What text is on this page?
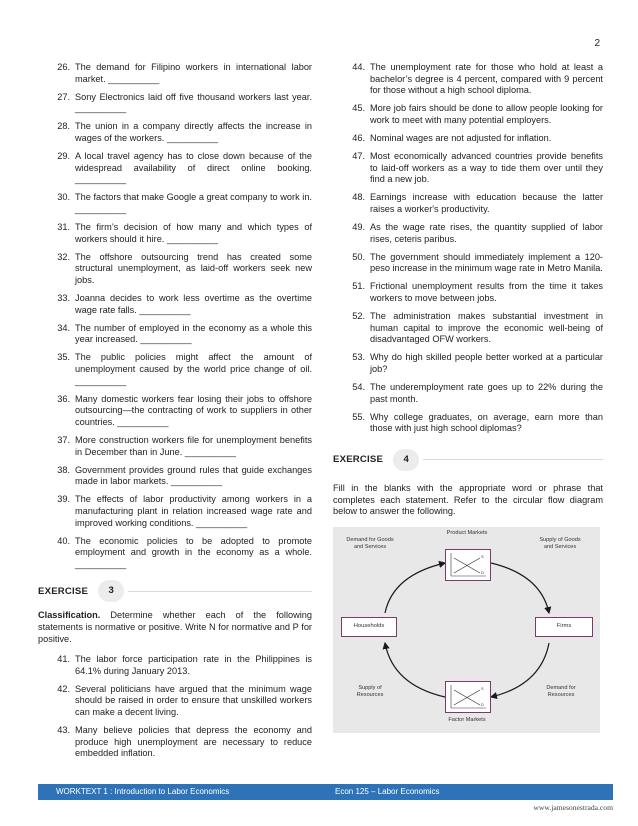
2
26. The demand for Filipino workers in international labor market. __________
27. Sony Electronics laid off five thousand workers last year. __________
28. The union in a company directly affects the increase in wages of the workers. __________
29. A local travel agency has to close down because of the widespread availability of direct online booking. __________
30. The factors that make Google a great company to work in. __________
31. The firm’s decision of how many and which types of workers should it hire. __________
32. The offshore outsourcing trend has created some structural unemployment, as laid-off workers seek new jobs.
33. Joanna decides to work less overtime as the overtime wage rate falls. __________
34. The number of employed in the economy as a whole this year increased. __________
35. The public policies might affect the amount of unemployment caused by the world price change of oil. __________
36. Many domestic workers fear losing their jobs to offshore outsourcing—the contracting of work to suppliers in other countries. __________
37. More construction workers file for unemployment benefits in December than in June. __________
38. Government provides ground rules that guide exchanges made in labor markets. __________
39. The effects of labor productivity among workers in a manufacturing plant in relation increased wage rate and improved working conditions. __________
40. The economic policies to be adopted to promote employment and growth in the economy as a whole. __________
EXERCISE	3
Classification. Determine whether each of the following statements is normative or positive. Write N for normative and P for positive.
41. The labor force participation rate in the Philippines is 64.1% during January 2013.
42. Several politicians have argued that the minimum wage should be raised in order to ensure that unskilled workers can make a decent living.
43. Many believe policies that depress the economy and produce high unemployment are necessary to reduce embedded inflation.
44. The unemployment rate for those who hold at least a bachelor’s degree is 4 percent, compared with 9 percent for those without a high school diploma.
45. More job fairs should be done to allow people looking for work to meet with many potential employers.
46. Nominal wages are not adjusted for inflation.
47. Most economically advanced countries provide benefits to laid-off workers as a way to tide them over until they find a new job.
48. Earnings increase with education because the latter raises a worker's productivity.
49. As the wage rate rises, the quantity supplied of labor rises, ceteris paribus.
50. The government should immediately implement a 120-peso increase in the minimum wage rate in Metro Manila.
51. Frictional unemployment results from the time it takes workers to move between jobs.
52. The administration makes substantial investment in human capital to improve the economic well-being of disadvantaged OFW workers.
53. Why do high skilled people better worked at a particular job?
54. The underemployment rate goes up to 22% during the past month.
55. Why college graduates, on average, earn more than those with just high school diplomas?
EXERCISE	4
Fill in the blanks with the appropriate word or phrase that completes each statement. Refer to the circular flow diagram below to answer the following.
Product Markets
S
D
Demand for Goods and Services
Supply of Goods and Services
Households	Firms
S
D
Factor Markets
Supply of Resources
Demand for Resources
WORKTEXT 1 : Introduction to Labor Economics	Econ 125 – Labor Economics
www.jamesonestrada.com
